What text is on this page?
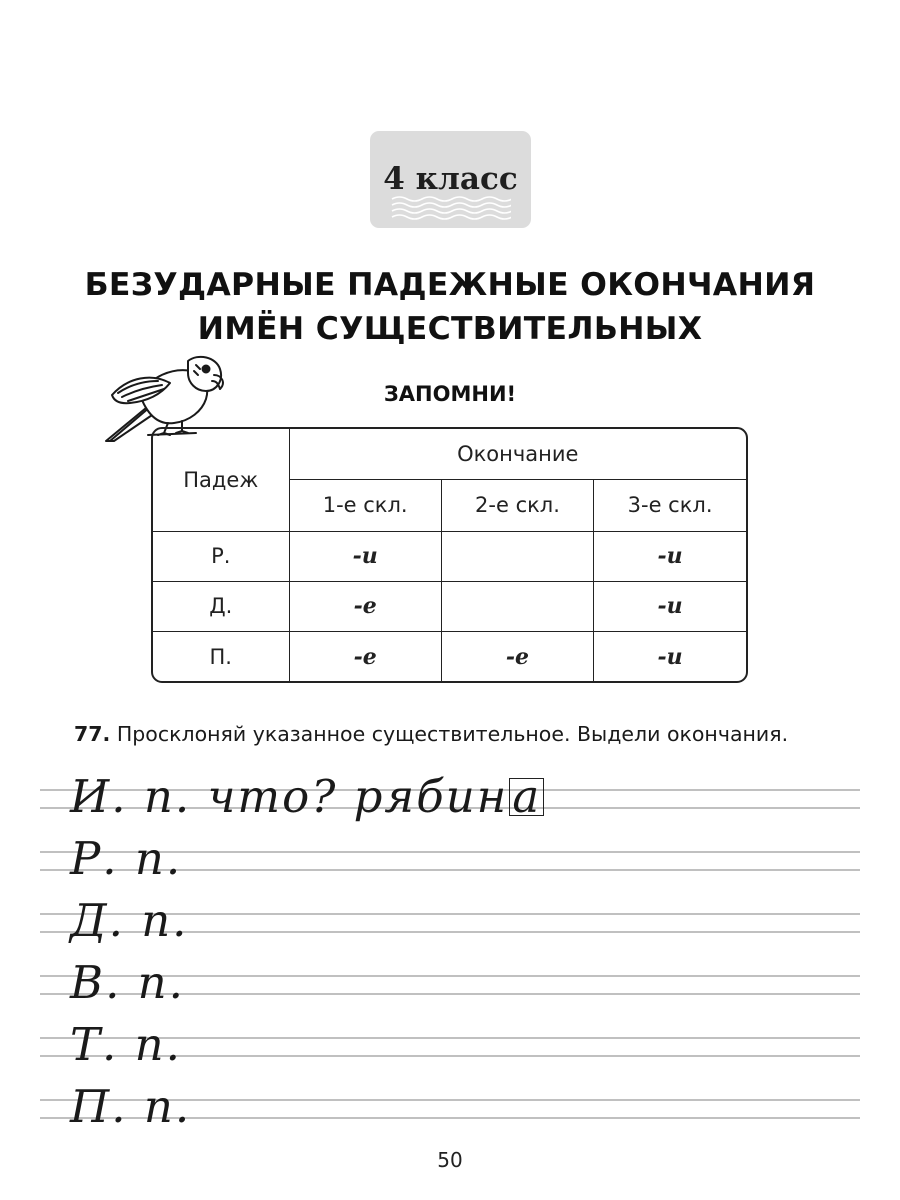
4 класс
БЕЗУДАРНЫЕ ПАДЕЖНЫЕ ОКОНЧАНИЯ
ИМЁН СУЩЕСТВИТЕЛЬНЫХ
ЗАПОМНИ!
Падеж	Окончание		
	1-е скл.	2-е скл.	3-е скл.
Р.	-и		-и
Д.	-е		-и
П.	-е	-е	-и
77. Просклоняй указанное существительное. Выдели окончания.
И. п. что? рябина
Р. п.
Д. п.
В. п.
Т. п.
П. п.
50
